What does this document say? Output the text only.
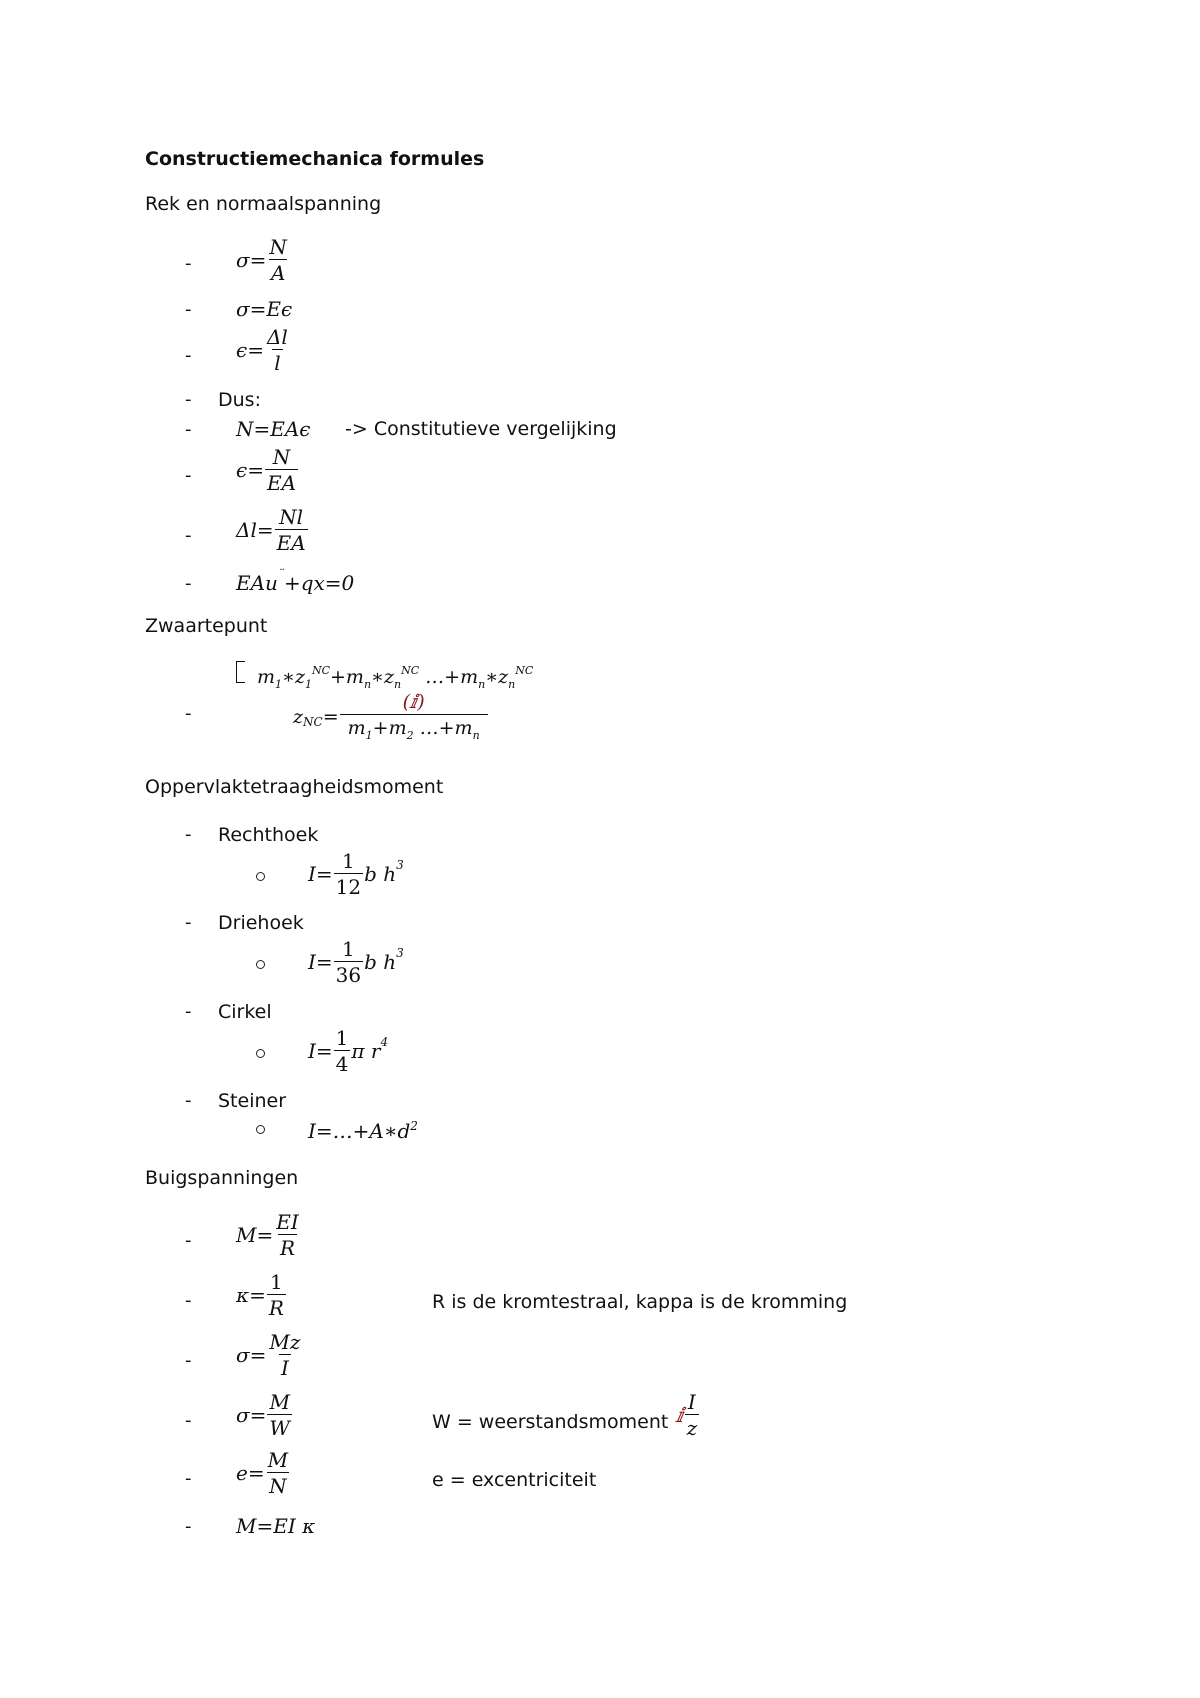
Constructiemechanica formules
Rek en normaalspanning
- $\sigma= \frac{N}{A}$
- σ=Eϵ
- $\epsilon= \frac{\Delta l}{l}$
- Dus:
- N=EAϵ -> Constitutieve vergelijking
- $\epsilon= \frac{N}{EA}$
- $\Delta l= \frac{Nl}{EA}$
- EAu¨+qx=0
Zwaartepunt
$m_1∗z_1^{NC}+m_n∗z_n^{NC}$ $\dots+m_n∗z_n^{NC}$
-	z NC = $\frac{\text{(ⅈ)}}{m_1+m_2 \dots+m_n}$
Oppervlaktetraagheidsmoment
- Rechthoek
$I= \frac{1}{12}$ b h 3
- Driehoek
$I= \frac{1}{36}$ b h 3
- Cirkel
$I= \frac{1}{4}$ π r 4
- Steiner
$I=\dots+A∗d^2$
Buigspanningen
- $M= \frac{EI}{R}$
- $\kappa= \frac{1}{R}$	R is de kromtestraal, kappa is de kromming
- $\sigma= \frac{Mz}{I}$
- $\sigma= \frac{M}{W}$	W = weerstandsmoment ⅈ $\frac{I}{z}$
- $e= \frac{M}{N}$	e = excentriciteit
- M=EI κ
